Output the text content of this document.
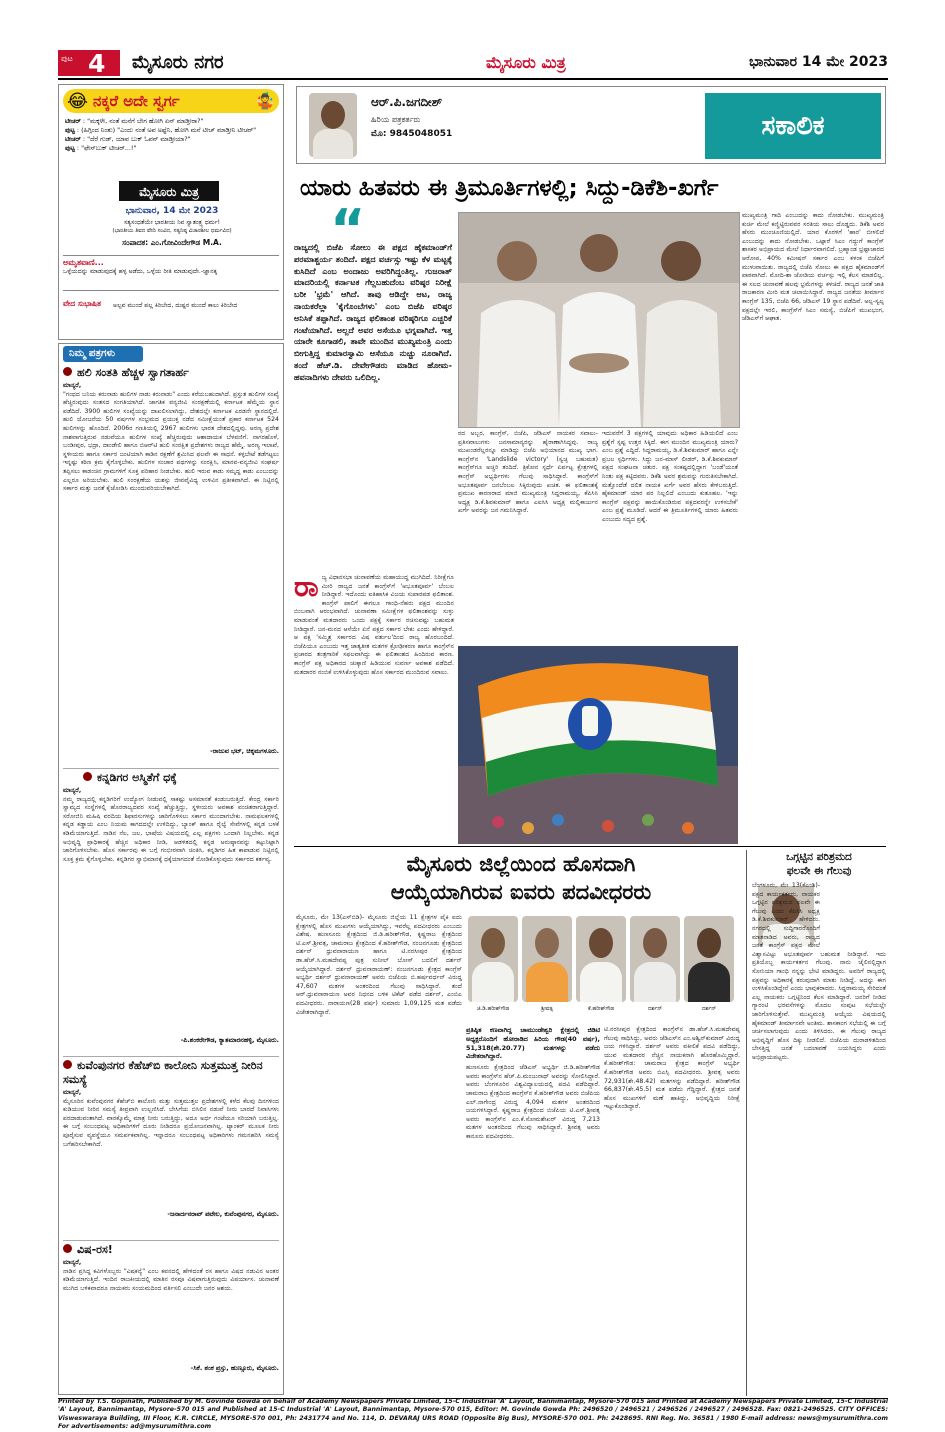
ಪುಟ 4 ಮೈಸೂರು ನಗರ	ಮೈಸೂರು ಮಿತ್ರ	ಭಾನುವಾರ 14 ಮೇ 2023
😂 ನಕ್ಕರೆ ಅದೇ ಸ್ವರ್ಗ	🤹
ಟೀಚರ್ : "ಮಕ್ಕಳೇ, ನಂತೆ ಮನೆಗೆ ಬೇಗ ಹೋಗಿ ಏನ್ ಮಾಡ್ತೀರಾ?"
ಪುಟ್ಟ : (ಹಿಗ್ಗಿಂದ ನಿಂತು) "ಎಂದು ನಂತೆ ಅಪ ಅಷ್ಟೆನಿ, ಹೋಗಿ ಮನೆ ಟೀಚ್ ಮಾಡ್ತೀನಿ ಟೀಚರ್"
ಟೀಚರ್ : "ದೆರೆ ಗುಡ್, ಯಾವ ಬುಕ್ ಓಪನ್ ಮಾಡ್ತೀಯಾ?"
ಪುಟ್ಟ : "ಫೇಸ್‌ಬುಕ್ ಟೀಚರ್...!"
ಮೈಸೂರು ಮಿತ್ರ
ಭಾನುವಾರ, 14 ಮೇ 2023
ಸತ್ಯಸಂಧತೆಯೇ ಭಾರತೀಯ ನಿವ ಸ್ವಾತಂತ್ರ್ಯ ಧರ್ಮ!
(ಭಾರತೀಯ ತಿವದ ವೇದಿ ಸಂವಿದ, ಸತ್ಯನಿಷ್ಠ ವಿಚಾರಶೀಲ ಧರ್ಮವಿದ)
ಸಂಪಾದಕ: ಎಂ.ಗೋವಿಂದೇಗೌಡ M.A.
ಅಮೃತವಾಣಿ...
ಒಳ್ಳೆಯದನ್ನು ಮಾಡುವುದಕ್ಕೆ ಹಳ್ಳ ಅಡೆದು, ಒಳ್ಳೆಯ ರೀತಿ ಮಾಡುವುದೇ.-ಜ್ಞಾನಕ್ಕ
ವೇದ ಸುಭಾಷಿತ	ಅಲ್ಪವ ಮುಂದೆ ಪಲ್ಲ ಕಿರಿಬೇದ, ದುಷ್ಟರ ಮುಂದೆ ಕಾಲು ಕಿರಿಬೇದ
ನಿಮ್ಮ ಪತ್ರಗಳು
ಹಲಿ ಸಂತತಿ ಹೆಚ್ಚಳ ಸ್ವಾಗತಾರ್ಹ
ಮಾನ್ಯರೆ,
"ಗಂಧದ ಬನಿಯ ಕರುನಾಡು ಹುಲಿಗಳ ನಾಡು ಕರುನಾಡು" ಎಂದು ಕರೆಯಬಹುದಾಗಿದೆ. ಪ್ರಸ್ತುತ ಹುಲಿಗಳ ಸಂಖ್ಯೆ ಹೆಚ್ಚಿರುವುದು ಸಂತಸದ ಸಂಗತಿಯಾಗಿದೆ. ಜಾಗತಿಕ ವನ್ಯಜೀವಿ ಸಂರಕ್ಷಣೆಯಲ್ಲಿ ಕರ್ನಾಟಕ ಹೆಮ್ಮೆಯ ಸ್ಥಾನ ಪಡೆದಿದೆ. 3900 ಹುಲಿಗಳ ಸಂಖ್ಯೆಯನ್ನು ದಾಖಲಿಸಲಾಗಿದ್ದು, ದೇಶದಲ್ಲೇ ಕರ್ನಾಟಕ ಎರಡನೇ ಸ್ಥಾನದಲ್ಲಿದೆ. ಹುಲಿ ಯೋಜನೆಯ 50 ವರ್ಷಗಳ ಸಂಭ್ರಮದ ಪ್ರಯುಕ್ತ ನಡೆದ ಸಮೀಕ್ಷೆಯಂತೆ ಪ್ರಕಾರ ಕರ್ನಾಟಕ 524 ಹುಲಿಗಳನ್ನು ಹೊಂದಿದೆ. 2006ರ ಗಣತಿಯಲ್ಲಿ 2967 ಹುಲಿಗಳು ಭಾರತ ದೇಶದಲ್ಲಿದ್ದವು. ಅರಣ್ಯ ಪ್ರದೇಶ ನಾಶವಾಗುತ್ತಿರುವ ನಡುವೆಯೂ ಹುಲಿಗಳ ಸಂಖ್ಯೆ ಹೆಚ್ಚಿರುವುದು ಆಶಾದಾಯಕ ಬೆಳವಣಿಗೆ. ನಾಗರಹೊಳೆ, ಬಂಡೀಪುರ, ಭದ್ರಾ, ದಾಂಡೇಲಿ ಹಾಗೂ ಬಿಆರ್‌ಟಿ ಹುಲಿ ಸಂರಕ್ಷಿತ ಪ್ರದೇಶಗಳು ರಾಜ್ಯದ ಹೆಮ್ಮೆ. ಅರಣ್ಯ ಇಲಾಖೆ, ಸ್ಥಳೀಯರು ಹಾಗೂ ಸರ್ಕಾರ ಜಂಟಿಯಾಗಿ ಕಾಡಿನ ರಕ್ಷಣೆಗೆ ಶ್ರಮಿಸಿದ ಫಲವೇ ಈ ಸಾಧನೆ. ಕಳ್ಳಬೇಟೆ ತಡೆಗಟ್ಟಲು ಇನ್ನಷ್ಟು ಕಠಿಣ ಕ್ರಮ ಕೈಗೊಳ್ಳಬೇಕು. ಹುಲಿಗಳ ಸಂಚಾರ ಪಥಗಳನ್ನು ಸಂರಕ್ಷಿಸಿ, ಮಾನವ-ವನ್ಯಜೀವಿ ಸಂಘರ್ಷ ತಪ್ಪಿಸಲು ಕಾಡಂಚಿನ ಗ್ರಾಮಗಳಿಗೆ ಸೂಕ್ತ ಪರಿಹಾರ ನೀಡಬೇಕು. ಹುಲಿ ಇರುವ ಕಾಡು ಸಮೃದ್ಧ ಕಾಡು ಎಂಬುದನ್ನು ಎಲ್ಲರೂ ಅರಿಯಬೇಕು. ಹುಲಿ ಸಂರಕ್ಷಣೆಯ ಯಶಸ್ಸು ಜೀವವೈವಿಧ್ಯ ಉಳಿವಿನ ಪ್ರತೀಕವಾಗಿದೆ. ಈ ನಿಟ್ಟಿನಲ್ಲಿ ಸರ್ಕಾರ ಮತ್ತು ಜನತೆ ಕೈಜೋಡಿಸಿ ಮುಂದುವರಿಯಬೇಕಾಗಿದೆ.
-ರಾಜುವ ಭಟ್, ಚಿಕ್ಕಮಗಳೂರು.
ಕನ್ನಡಿಗರ ಅಸ್ಮಿತೆಗೆ ಧಕ್ಕೆ
ಮಾನ್ಯರೆ,
ನಮ್ಮ ರಾಜ್ಯದಲ್ಲಿ ಕನ್ನಡಿಗರಿಗೆ ಉದ್ಯೋಗ ನೀಡುವಲ್ಲಿ ಸಾಕಷ್ಟು ಅಸಮಾನತೆ ಕಂಡುಬರುತ್ತಿದೆ. ಕೇಂದ್ರ ಸರ್ಕಾರಿ ಸ್ವಾಮ್ಯದ ಸಂಸ್ಥೆಗಳಲ್ಲಿ ಹೊರರಾಜ್ಯದವರ ಸಂಖ್ಯೆ ಹೆಚ್ಚುತ್ತಿದ್ದು, ಸ್ಥಳೀಯರು ಅವಕಾಶ ವಂಚಿತರಾಗುತ್ತಿದ್ದಾರೆ. ಸರೋಜಿನಿ ಮಹಿಷಿ ವರದಿಯ ಶಿಫಾರಸುಗಳನ್ನು ಜಾರಿಗೊಳಿಸಲು ಸರ್ಕಾರ ಮುಂದಾಗಬೇಕು. ನಾಮಫಲಕಗಳಲ್ಲಿ ಕನ್ನಡ ಕಡ್ಡಾಯ ಎಂಬ ನಿಯಮ ಕಾಗದದಲ್ಲೇ ಉಳಿದಿದ್ದು, ಬ್ಯಾಂಕ್ ಹಾಗೂ ರೈಲ್ವೆ ಸೇವೆಗಳಲ್ಲಿ ಕನ್ನಡ ಬಳಕೆ ಕಡಿಮೆಯಾಗುತ್ತಿದೆ. ನಾಡಿನ ನೆಲ, ಜಲ, ಭಾಷೆಯ ವಿಷಯದಲ್ಲಿ ಎಲ್ಲ ಪಕ್ಷಗಳು ಒಂದಾಗಿ ನಿಲ್ಲಬೇಕು. ಕನ್ನಡ ಅಭಿವೃದ್ಧಿ ಪ್ರಾಧಿಕಾರಕ್ಕೆ ಹೆಚ್ಚಿನ ಅಧಿಕಾರ ನೀಡಿ, ಆಡಳಿತದಲ್ಲಿ ಕನ್ನಡ ಅನುಷ್ಠಾನವನ್ನು ಕಟ್ಟುನಿಟ್ಟಾಗಿ ಜಾರಿಗೊಳಿಸಬೇಕು. ಹೊಸ ಸರ್ಕಾರವು ಈ ಬಗ್ಗೆ ಗಂಭೀರವಾಗಿ ಚಿಂತಿಸಿ, ಕನ್ನಡಿಗರ ಹಿತ ಕಾಪಾಡುವ ನಿಟ್ಟಿನಲ್ಲಿ ಸೂಕ್ತ ಕ್ರಮ ಕೈಗೊಳ್ಳಬೇಕು. ಕನ್ನಡಿಗರ ಸ್ವಾಭಿಮಾನಕ್ಕೆ ಧಕ್ಕೆಯಾಗದಂತೆ ನೋಡಿಕೊಳ್ಳುವುದು ಸರ್ಕಾರದ ಕರ್ತವ್ಯ.
-ಪಿ.ಶಂಕರೇಗೌಡ, ಕ್ಯಾತಮಾರನಹಳ್ಳಿ, ಮೈಸೂರು.
ಕುವೆಂಪುನಗರ ಕೆಹೆಚ್‌ಬಿ ಕಾಲೋನಿ ಸುತ್ತಮುತ್ತ ನೀರಿನ ಸಮಸ್ಯೆ
ಮಾನ್ಯರೆ,
ಮೈಸೂರಿನ ಕುವೆಂಪುನಗರ ಕೆಹೆಚ್‌ಬಿ ಕಾಲೋನಿ ಮತ್ತು ಸುತ್ತಮುತ್ತಲ ಪ್ರದೇಶಗಳಲ್ಲಿ ಕಳೆದ ಕೆಲವು ದಿನಗಳಿಂದ ಕುಡಿಯುವ ನೀರಿನ ಸಮಸ್ಯೆ ತೀವ್ರವಾಗಿ ಉಲ್ಬಣಿಸಿದೆ. ಬೇಸಿಗೆಯ ಬಿಸಿಲಿನ ನಡುವೆ ನೀರು ಬಾರದೆ ನಿವಾಸಿಗಳು ಪರದಾಡುವಂತಾಗಿದೆ. ವಾರಕ್ಕೊಮ್ಮೆ ಮಾತ್ರ ನೀರು ಬರುತ್ತಿದ್ದು, ಅದೂ ಅರ್ಧ ಗಂಟೆಯೂ ಸರಿಯಾಗಿ ಬರುತ್ತಿಲ್ಲ. ಈ ಬಗ್ಗೆ ಸಂಬಂಧಪಟ್ಟ ಅಧಿಕಾರಿಗಳಿಗೆ ದೂರು ನೀಡಿದರೂ ಪ್ರಯೋಜನವಾಗಿಲ್ಲ. ಟ್ಯಾಂಕರ್ ಮೂಲಕ ನೀರು ಪೂರೈಸುವ ವ್ಯವಸ್ಥೆಯೂ ಸಮರ್ಪಕವಾಗಿಲ್ಲ. ಇನ್ನಾದರೂ ಸಂಬಂಧಪಟ್ಟ ಅಧಿಕಾರಿಗಳು ಗಮನಹರಿಸಿ ಸಮಸ್ಯೆ ಬಗೆಹರಿಸಬೇಕಾಗಿದೆ.
-ಜನಾರ್ದನರಾವ್ ಪಟೇಲ, ಕುವೆಂಪುನಗರ, ಮೈಸೂರು.
ವಿಷ-ರಸ!
ಮಾನ್ಯರೆ,
ನಾಡಿನ ಪ್ರಸಿದ್ಧ ಕವಿಗಳೊಬ್ಬರು "ವಿಷಕನ್ಯೆ" ಎಂಬ ಕವನದಲ್ಲಿ ಹೇಳಿದಂತೆ ರಸ ಹಾಗೂ ವಿಷದ ನಡುವಿನ ಅಂತರ ಕಡಿಮೆಯಾಗುತ್ತಿದೆ. ಇಂದಿನ ರಾಜಕೀಯದಲ್ಲಿ ಮಾತಿನ ರಸವೂ ವಿಷವಾಗುತ್ತಿರುವುದು ವಿಪರ್ಯಾಸ. ಚುನಾವಣೆ ಮುಗಿದ ಬಳಿಕವಾದರೂ ನಾಯಕರು ಸಂಯಮದಿಂದ ವರ್ತಿಸಲಿ ಎಂಬುದೇ ಜನರ ಆಶಯ.
-ಸಿಕೆ. ಶಂಕ ಪ್ರಸ್ತು, ಹುಣ್ಸೂರು, ಮೈಸೂರು.
ಆರ್.ಪಿ.ಜಗದೀಶ್
ಹಿರಿಯ ಪತ್ರಕರ್ತರು
ಮೊ: 9845048051	ಸಕಾಲಿಕ
ಯಾರು ಹಿತವರು ಈ ತ್ರಿಮೂರ್ತಿಗಳಲ್ಲಿ; ಸಿದ್ದು-ಡಿಕೆಶಿ-ಖರ್ಗೆ
“
ರಾಜ್ಯದಲ್ಲಿ ಬಿಜೆಪಿ ಸೋಲು ಈ ಪಕ್ಷದ ಹೈಕಮಾಂಡ್‌ಗೆ ಪರಮಾಶ್ಚರ್ಯ ತಂದಿದೆ. ಪಕ್ಷದ ವರ್ಚಸ್ಸು ಇಷ್ಟು ಕೆಳ ಮಟ್ಟಕ್ಕೆ ಕುಸಿದಿದೆ ಎಂಬ ಅಂದಾಜು ಅವರಿಗಿದ್ದಂತಿಲ್ಲ. ಗುಜರಾತ್ ಮಾದರಿಯಲ್ಲಿ ಕರ್ನಾಟಕ ಗೆಲ್ಲಬಹುದೆಂಬ ವರಿಷ್ಠರ ನಿರೀಕ್ಷೆ ಬರೀ 'ಭ್ರಮೆ' ಆಗಿದೆ. ತಾವು ಆಡಿದ್ದೇ ಆಟ, ರಾಜ್ಯ ನಾಯಕರೆಲ್ಲಾ 'ಕೈಗೊಂಬೆಗಳು' ಎಂಬ ಬಿಜೆಪಿ ವರಿಷ್ಠರ ಅನಿಸಿಕೆ ತಪ್ಪಾಗಿದೆ. ರಾಜ್ಯದ ಫಲಿತಾಂಶ ವರಿಷ್ಠರಿಗೂ ಎಚ್ಚರಿಕೆ ಗಂಟೆಯಾಗಿದೆ. ಅಲ್ಲದೆ ಅವರ ಅಸೆಯೂ ಭಗ್ನವಾಗಿದೆ. ಇತ್ತ ಯಾರೇ ಕೂಗಾಡಲಿ, ತಾವೇ ಮುಂದಿನ ಮುಖ್ಯಮಂತ್ರಿ ಎಂದು ಬೀಗುತ್ತಿದ್ದ ಕುಮಾರಸ್ವಾಮಿ ಆಸೆಯೂ ನುಚ್ಚು ನೂರಾಗಿದೆ. ತಂದೆ ಹೆಚ್.ಡಿ. ದೇವೇಗೌಡರು ಮಾಡಿದ ಹೋಮ-ಹವನಾದಿಗಳು ದೇವರು ಒಲಿದಿಲ್ಲ.
ರದ ಅಬ್ಬರ, ಕಾಂಗ್ರೆಸ್, ಬಿಜೆಪಿ, ಜೆಡಿಎಸ್ ನಾಯಕರ ಸವಾಲು-ಪ್ರತಿಸವಾಲುಗಳು ಜನಸಾಮಾನ್ಯರನ್ನು ಹೈರಾಣಾಗಿಸಿದ್ದವು. ರಾಜ್ಯ ಮುಖಂಡರೆಲ್ಲರನ್ನೂ ಮಾಡಿದ್ದು ಬಿಜೆಪಿ ಅಭಿಯಾನದ ಮುಖ್ಯ ಭಾಗ. ಕಾಂಗ್ರೆಸ್‌ನ 'Landslide victory' (ಸ್ವಚ್ಛ ಬಹುಮತ) ಕಾಂಗ್ರೆಸ್‌ಗೂ ಅಚ್ಚರಿ ತಂದಿದೆ. ತ್ರಿಕೋನ ಸ್ಪರ್ಧೆ ಏರ್ಪಟ್ಟ ಕ್ಷೇತ್ರಗಳಲ್ಲಿ ಕಾಂಗ್ರೆಸ್ ಅಭ್ಯರ್ಥಿಗಳು ಗೆಲುವು ಸಾಧಿಸಿದ್ದಾರೆ. ಕಾಂಗ್ರೆಸ್‌ಗೆ ಅಭೂತಪೂರ್ವ ಜನಬೆಂಬಲ ಸಿಕ್ಕಿರುವುದು ಖಚಿತ. ಈ ಫಲಿತಾಂಶಕ್ಕೆ ಪ್ರಮುಖ ಕಾರಣರಾದ ಮಾಜಿ ಮುಖ್ಯಮಂತ್ರಿ ಸಿದ್ದರಾಮಯ್ಯ, ಕೆಪಿಸಿಸಿ ಅಧ್ಯಕ್ಷ ಡಿ.ಕೆ.ಶಿವಕುಮಾರ್ ಹಾಗೂ ಎಐಸಿಸಿ ಅಧ್ಯಕ್ಷ ಮಲ್ಲಿಕಾರ್ಜುನ ಖರ್ಗೆ ಅವರನ್ನು ಜನ ಗಮನಿಸಿದ್ದಾರೆ.
ಇದುವರೆಗೆ 3 ಪಕ್ಷಗಳಲ್ಲಿ ಯಾವುದು ಅಧಿಕಾರ ಹಿಡಿಯಲಿದೆ ಎಂಬ ಪ್ರಶ್ನೆಗೆ ಸ್ಪಷ್ಟ ಉತ್ತರ ಸಿಕ್ಕಿದೆ. ಈಗ ಮುಂದಿನ ಮುಖ್ಯಮಂತ್ರಿ ಯಾರು? ಎಂಬ ಪ್ರಶ್ನೆ ಎದ್ದಿದೆ. ಸಿದ್ದರಾಮಯ್ಯ, ಡಿ.ಕೆ.ಶಿವಕುಮಾರ್ ಹಾಗೂ ಎನ್ನೇ ಪ್ರಬಲ ಸ್ಪರ್ಧಿಗಳು. ಸಿದ್ದು ಜನ-ಮಾಸ್ ಲೀಡರ್, ಡಿ.ಕೆ.ಶಿವಕುಮಾರ್ ಪಕ್ಷದ ಸಂಘಟನಾ ಚತುರ. ಪಕ್ಷ ಸಂಕಷ್ಟದಲ್ಲಿದ್ದಾಗ 'ಬಂಡೆ'ಯಂತೆ ನಿಂತು ಪಕ್ಷ ಕಟ್ಟಿದವರು. ಡಿಕೆಶಿ ಅವರ ಶ್ರಮವನ್ನು ಗುರುತಿಸಬೇಕಾಗಿದೆ. ಮತ್ತೊಂದೆಡೆ ದಲಿತ ನಾಯಕ ಖರ್ಗೆ ಅವರ ಹೆಸರು ಕೇಳಿಬರುತ್ತಿದೆ. ಹೈಕಮಾಂಡ್ ಯಾರ ಪರ ನಿಲ್ಲಲಿದೆ ಎಂಬುದು ಕುತೂಹಲ. 'ಇನ್ನು ಕಾಂಗ್ರೆಸ್ ಪಕ್ಷವನ್ನು ಹಾಯಿಕೊಂಡಿರುವ ಪಕ್ಷದವರನ್ನೇ ಉಳಿಸಬೇಕೆ' ಎಂಬ ಪ್ರಶ್ನೆ ಮೂಡಿದೆ. ಆದರೆ ಈ ತ್ರಿಮೂರ್ತಿಗಳಲ್ಲಿ ಯಾರು ಹಿತವರು ಎಂಬುದು ಸದ್ಯದ ಪ್ರಶ್ನೆ.
ಮುಖ್ಯಮಂತ್ರಿ ಗಾದಿ ಎಂಬುದನ್ನು ಕಾದು ನೋಡಬೇಕು. ಮುಖ್ಯಮಂತ್ರಿ ಕುರ್ಚಿ ಮೇಲೆ ಕಣ್ಣಿಟ್ಟಿರುವವರ ಸರತಿಯ ಸಾಲು ದೊಡ್ಡದು. ಡಿಕೆಶಿ ಅವರ ಹೆಸರು ಮುಂಚೂಣಿಯಲ್ಲಿದೆ. ಯಾರ ಕೊರಳಿಗೆ 'ಹಾರ' ಬೀಳಲಿದೆ ಎಂಬುದನ್ನು ಕಾದು ನೋಡಬೇಕು. ಒಟ್ಟಾರೆ ಸಿಎಂ ಗದ್ದುಗೆ ಕಾಂಗ್ರೆಸ್ ಶಾಸಕರ ಅಭಿಪ್ರಾಯದ ಮೇಲೆ ನಿರ್ಧಾರವಾಗಲಿದೆ. ಬ್ರಹ್ಮಾಂಡ ಭ್ರಷ್ಟಾಚಾರದ ಆರೋಪ, 40% ಕಮೀಷನ್ ಸರ್ಕಾರ ಎಂಬ ಕಳಂಕ ಬಿಜೆಪಿಗೆ ಮುಳುವಾಯಿತು. ರಾಜ್ಯದಲ್ಲಿ ಬಿಜೆಪಿ ಸೋಲು ಈ ಪಕ್ಷದ ಹೈಕಮಾಂಡ್‌ಗೆ ಪಾಠವಾಗಿದೆ. ಮೋದಿ-ಶಾ ಜೋಡಿಯ ವರ್ಚಸ್ಸು ಇಲ್ಲಿ ಕೆಲಸ ಮಾಡಲಿಲ್ಲ. ಈ ಸಲದ ಚುನಾವಣೆ ಹಲವು ಭ್ರಮೆಗಳನ್ನು ಕಳಚಿದೆ. ರಾಜ್ಯದ ಜನತೆ ಜಾತಿ ರಾಜಕಾರಣ ಮೀರಿ ಮತ ಚಲಾಯಿಸಿದ್ದಾರೆ. ರಾಜ್ಯದ ಜನತೆಯ ತೀರ್ಮಾನ ಕಾಂಗ್ರೆಸ್ 135, ಬಿಜೆಪಿ 66, ಜೆಡಿಎಸ್ 19 ಸ್ಥಾನ ಪಡೆದಿವೆ. ಅಲ್ಪ-ಸ್ವಲ್ಪ ಪಕ್ಷದಲ್ಲೇ ಇರಲಿ, ಕಾಂಗ್ರೆಸ್‌ಗೆ ಸಿಎಂ ಸಮಸ್ಯೆ, ಬಿಜೆಪಿಗೆ ಮುಖಭಂಗ, ಜೆಡಿಎಸ್‌ಗೆ ಆಘಾತ.
ರಾ ಜ್ಯ ವಿಧಾನಸಭಾ ಚುನಾವಣೆಯ ಮಹಾಯುದ್ಧ ಮುಗಿದಿದೆ. ನಿರೀಕ್ಷೆಗೂ ಮೀರಿ ರಾಜ್ಯದ ಜನತೆ ಕಾಂಗ್ರೆಸ್‌ಗೆ 'ಅಭೂತಪೂರ್ವ' ಬೆಂಬಲ ನೀಡಿದ್ದಾರೆ. ಇದೊಂದು ಐತಿಹಾಸಿಕ ವಿಜಯ ಸುಪಾರಪಡ ಫಲಿತಾಂಶ. ಕಾಂಗ್ರೆಸ್ ಪಾಲಿಗೆ ಈಗಲೂ ಗಾಂಧಿ-ನೆಹರು ಪಕ್ಷದ ಮುಂದಿನ ಬಿಂಬವಾಗಿ ಆರಂಭವಾಗಿದೆ. ಚುನಾವಣಾ ಸಮೀಕ್ಷೆಗಳ ಫಲಿತಾಂಶವನ್ನು ಸುಳ್ಳು ಮಾಡುವಂತೆ ಮತದಾರರು ಒಂದು ಪಕ್ಷಕ್ಕೆ ಸರ್ಕಾರ ರಚಿಸುವಷ್ಟು ಬಹುಮತ ನೀಡಿದ್ದಾರೆ. ಜನ-ಮನದ ಆಸೆಯೇ ಏನೆ ಪಕ್ಷದ ಸರ್ಕಾರ ಬೇಕು ಎಂದು ಹೇಳಿದ್ದಾರೆ. ಆ ಪಕ್ಷ 'ಸಮ್ಮಿಶ್ರ ಸರ್ಕಾರದ ವಿಷ ವರ್ತುಲ'ದಿಂದ ರಾಜ್ಯ ಹೊರಬಂದಿದೆ. ಬಿಜೆಪಿಯೂ ಎಂಬುದು ಇತ್ತ ಜಾತ್ಯತೀತ ಮತಗಳ ಕ್ರೋಢೀಕರಣ ಹಾಗೂ ಕಾಂಗ್ರೆಸ್‌ನ ಪ್ರಚಾರದ ತಂತ್ರಗಾರಿಕೆ ಸಫಲವಾಗಿದ್ದು ಈ ಫಲಿತಾಂಶದ ಹಿಂದಿರುವ ಕಾರಣ. ಕಾಂಗ್ರೆಸ್ ಪಕ್ಷ ಅಧಿಕಾರದ ಚುಕ್ಕಾಣಿ ಹಿಡಿಯುವ ಸುವರ್ಣ ಅವಕಾಶ ಪಡೆದಿದೆ. ಮತದಾರರ ನಂಬಿಕೆ ಉಳಿಸಿಕೊಳ್ಳುವುದು ಹೊಸ ಸರ್ಕಾರದ ಮುಂದಿರುವ ಸವಾಲು.
ಮೈಸೂರು ಜಿಲ್ಲೆಯಿಂದ ಹೊಸದಾಗಿ
ಆಯ್ಕೆಯಾಗಿರುವ ಐವರು ಪದವೀಧರರು
ಮೈಸೂರು, ಮೇ 13(ಎಸ್‌ಬಿಡಿ)- ಮೈಸೂರು ಜಿಲ್ಲೆಯ 11 ಕ್ಷೇತ್ರಗಳ ಪೈಕಿ ಐದು ಕ್ಷೇತ್ರಗಳಲ್ಲಿ ಹೊಸ ಮುಖಗಳು ಆಯ್ಕೆಯಾಗಿದ್ದು, ಇವರೆಲ್ಲ ಪದವೀಧರರು ಎಂಬುದು ವಿಶೇಷ. ಹುಣಸೂರು ಕ್ಷೇತ್ರದಿಂದ ಜಿ.ಡಿ.ಹರೀಶ್‌ಗೌಡ, ಕೃಷ್ಣರಾಜ ಕ್ಷೇತ್ರದಿಂದ ಟಿ.ಎಸ್.ಶ್ರೀವತ್ಸ, ಚಾಮರಾಜ ಕ್ಷೇತ್ರದಿಂದ ಕೆ.ಹರೀಶ್‌ಗೌಡ, ನಂಜನಗೂಡು ಕ್ಷೇತ್ರದಿಂದ ದರ್ಶನ್ ಧ್ರುವನಾರಾಯಣ ಹಾಗೂ ಟಿ.ನರಸೀಪುರ ಕ್ಷೇತ್ರದಿಂದ ಡಾ.ಹೆಚ್.ಸಿ.ಮಹದೇವಪ್ಪ ಪುತ್ರ ಸುನೀಲ್ ಬೋಸ್ ಬದಲಿಗೆ ದರ್ಶನ್ ಆಯ್ಕೆಯಾಗಿದ್ದಾರೆ. ದರ್ಶನ್ ಧ್ರುವನಾರಾಯಣ್: ನಂಜನಗೂಡು ಕ್ಷೇತ್ರದ ಕಾಂಗ್ರೆಸ್ ಅಭ್ಯರ್ಥಿ ದರ್ಶನ್ ಧ್ರುವನಾರಾಯಣ್ ಅವರು ಬಿಜೆಪಿಯ ಬಿ.ಹರ್ಷವರ್ಧನ್ ವಿರುದ್ಧ 47,607 ಮತಗಳ ಅಂತರದಿಂದ ಗೆಲುವು ಸಾಧಿಸಿದ್ದಾರೆ. ತಂದೆ ಆರ್.ಧ್ರುವನಾರಾಯಣ ಅವರ ನಿಧನದ ಬಳಿಕ ಟಿಕೆಟ್ ಪಡೆದ ದರ್ಶನ್, ಎಂಬಿಎ ಪದವೀಧರರು. ನಾರಾಯಣ(28 ವರ್ಷ) ಸುಮಾರು 1,09,125 ಮತ ಪಡೆದು ವಿಜೇತರಾಗಿದ್ದಾರೆ.	ಜಿ.ಡಿ.ಹರೀಶ್‌ಗೌಡ	ಶ್ರೀವತ್ಸ	ಕೆ.ಹರೀಶ್‌ಗೌಡ	ದರ್ಶನ್	ದರ್ಶನ್
ಪ್ರತಿಷ್ಠಿತ ಕಣವಾಗಿದ್ದ ಚಾಮುಂಡೇಶ್ವರಿ ಕ್ಷೇತ್ರದಲ್ಲಿ ಜಿಡಿಟಿ ಅಧ್ಯಕ್ಷರೊಂದಿಗೆ ಹೋರಾಡಿದ ಹಿರಿಯ ಗೌಡ(40 ವರ್ಷ), 51,318(ಶೇ.20.77) ಮತಗಳನ್ನು ಪಡೆದು ವಿಜೇತರಾಗಿದ್ದಾರೆ.
ಹುಣಸೂರು ಕ್ಷೇತ್ರದಿಂದ ಜೆಡಿಎಸ್ ಅಭ್ಯರ್ಥಿ ಜಿ.ಡಿ.ಹರೀಶ್‌ಗೌಡ ಅವರು ಕಾಂಗ್ರೆಸ್‌ನ ಹೆಚ್.ಪಿ.ಮಂಜುನಾಥ್ ಅವರನ್ನು ಸೋಲಿಸಿದ್ದಾರೆ. ಅವರು ಬೆಂಗಳೂರಿನ ವಿಶ್ವವಿದ್ಯಾಲಯದಲ್ಲಿ ಪದವಿ ಪಡೆದಿದ್ದಾರೆ. ಚಾಮರಾಜ ಕ್ಷೇತ್ರದಿಂದ ಕಾಂಗ್ರೆಸ್‌ನ ಕೆ.ಹರೀಶ್‌ಗೌಡ ಅವರು ಬಿಜೆಪಿಯ ಎಲ್.ನಾಗೇಂದ್ರ ವಿರುದ್ಧ 4,094 ಮತಗಳ ಅಂತರದಿಂದ ಜಯಗಳಿಸಿದ್ದಾರೆ. ಕೃಷ್ಣರಾಜ ಕ್ಷೇತ್ರದಿಂದ ಬಿಜೆಪಿಯ ಟಿ.ಎಸ್.ಶ್ರೀವತ್ಸ ಅವರು ಕಾಂಗ್ರೆಸ್‌ನ ಎಂ.ಕೆ.ಸೋಮಶೇಖರ್ ವಿರುದ್ಧ 7,213 ಮತಗಳ ಅಂತರದಿಂದ ಗೆಲುವು ಸಾಧಿಸಿದ್ದಾರೆ. ಶ್ರೀವತ್ಸ ಅವರು ಕಾನೂನು ಪದವೀಧರರು.
ಟಿ.ನರಸೀಪುರ ಕ್ಷೇತ್ರದಿಂದ ಕಾಂಗ್ರೆಸ್‌ನ ಡಾ.ಹೆಚ್.ಸಿ.ಮಹದೇವಪ್ಪ ಗೆಲುವು ಸಾಧಿಸಿದ್ದು, ಅವರು ಜೆಡಿಎಸ್‌ನ ಎಂ.ಅಶ್ವಿನ್‌ಕುಮಾರ್ ವಿರುದ್ಧ ಜಯ ಗಳಿಸಿದ್ದಾರೆ. ದರ್ಶನ್ ಅವರು ವಕೀಲಿಕೆ ಪದವಿ ಪಡೆದಿದ್ದು, ಯುವ ಮತದಾರರ ನೆಚ್ಚಿನ ನಾಯಕನಾಗಿ ಹೊರಹೊಮ್ಮಿದ್ದಾರೆ. ಕೆ.ಹರೀಶ್‌ಗೌಡ: ಚಾಮರಾಜ ಕ್ಷೇತ್ರದ ಕಾಂಗ್ರೆಸ್ ಅಭ್ಯರ್ಥಿ ಕೆ.ಹರೀಶ್‌ಗೌಡ ಅವರು ಬಿಎಸ್ಸಿ ಪದವೀಧರರು. ಶ್ರೀವತ್ಸ ಅವರು 72,931(ಶೇ.48.42) ಮತಗಳನ್ನು ಪಡೆದಿದ್ದಾರೆ. ಹರೀಶ್‌ಗೌಡ 66,837(ಶೇ.45.5) ಮತ ಪಡೆದು ಗೆದ್ದಿದ್ದಾರೆ. ಕ್ಷೇತ್ರದ ಜನತೆ ಹೊಸ ಮುಖಗಳಿಗೆ ಮಣೆ ಹಾಕಿದ್ದು, ಅಭಿವೃದ್ಧಿಯ ನಿರೀಕ್ಷೆ ಇಟ್ಟುಕೊಂಡಿದ್ದಾರೆ.
ಒಗ್ಗಟ್ಟಿನ ಪರಿಶ್ರಮದ
ಫಲವೇ ಈ ಗೆಲುವು
ಬೆಂಗಳೂರು, ಮೇ 13(ಕೆಎಂಶಿ)- ಪಕ್ಷದ ಕಾರ್ಯಕರ್ತರು, ನಾಯಕರ ಒಗ್ಗಟ್ಟಿನ ಪರಿಶ್ರಮದ ಫಲವೇ ಈ ಗೆಲುವು ಎಂದು ಕೆಪಿಸಿಸಿ ಅಧ್ಯಕ್ಷ ಡಿ.ಕೆ.ಶಿವಕುಮಾರ್ ಹೇಳಿದರು. ನಗರದಲ್ಲಿ ಸುದ್ದಿಗಾರರೊಂದಿಗೆ ಮಾತನಾಡಿದ ಅವರು, ರಾಜ್ಯದ ಜನತೆ ಕಾಂಗ್ರೆಸ್ ಪಕ್ಷದ ಮೇಲೆ ವಿಶ್ವಾಸವಿಟ್ಟು ಅಭೂತಪೂರ್ವ ಬಹುಮತ ನೀಡಿದ್ದಾರೆ. ಇದು ಪ್ರತಿಯೊಬ್ಬ ಕಾರ್ಯಕರ್ತನ ಗೆಲುವು. ನಾನು ಜೈಲಿನಲ್ಲಿದ್ದಾಗ ಸೋನಿಯಾ ಗಾಂಧಿ ನನ್ನನ್ನು ಭೇಟಿ ಮಾಡಿದ್ದರು. ಅವರಿಗೆ ರಾಜ್ಯದಲ್ಲಿ ಪಕ್ಷವನ್ನು ಅಧಿಕಾರಕ್ಕೆ ತರುವುದಾಗಿ ಮಾತು ನೀಡಿದ್ದೆ. ಅದನ್ನು ಈಗ ಉಳಿಸಿಕೊಂಡಿದ್ದೇನೆ ಎಂದು ಭಾವುಕರಾದರು. ಸಿದ್ದರಾಮಯ್ಯ ಸೇರಿದಂತೆ ಎಲ್ಲ ನಾಯಕರು ಒಗ್ಗಟ್ಟಿನಿಂದ ಕೆಲಸ ಮಾಡಿದ್ದಾರೆ. ಜನರಿಗೆ ನೀಡಿದ ಗ್ಯಾರಂಟಿ ಭರವಸೆಗಳನ್ನು ಮೊದಲ ಸಂಪುಟ ಸಭೆಯಲ್ಲೇ ಜಾರಿಗೊಳಿಸುತ್ತೇವೆ. ಮುಖ್ಯಮಂತ್ರಿ ಆಯ್ಕೆಯ ವಿಷಯದಲ್ಲಿ ಹೈಕಮಾಂಡ್ ತೀರ್ಮಾನವೇ ಅಂತಿಮ. ಶಾಸಕಾಂಗ ಸಭೆಯಲ್ಲಿ ಈ ಬಗ್ಗೆ ಚರ್ಚಿಸಲಾಗುವುದು ಎಂದು ತಿಳಿಸಿದರು. ಈ ಗೆಲುವು ರಾಜ್ಯದ ಅಭಿವೃದ್ಧಿಗೆ ಹೊಸ ದಿಕ್ಕು ನೀಡಲಿದೆ. ಬಿಜೆಪಿಯ ದುರಾಡಳಿತದಿಂದ ಬೇಸತ್ತಿದ್ದ ಜನತೆ ಬದಲಾವಣೆ ಬಯಸಿದ್ದರು ಎಂದು ಅಭಿಪ್ರಾಯಪಟ್ಟರು.
Printed by T.S. Gopinath, Published by M. Govinde Gowda on behalf of Academy Newspapers Private Limited, 15-C Industrial 'A' Layout, Bannimantap, Mysore-570 015 and Printed at Academy Newspapers Private Limited, 15-C Industrial 'A' Layout, Bannimantap, Mysore-570 015 and Published at 15-C Industrial 'A' Layout, Bannimantap, Mysore-570 015, Editor: M. Govinde Gowda Ph: 2496520 / 2496521 / 2496526 / 2496527 / 2496528. Fax: 0821-2496525. CITY OFFICES: Visweswaraya Building, III Floor, K.R. CIRCLE, MYSORE-570 001, Ph: 2431774 and No. 114, D. DEVARAJ URS ROAD (Opposite Big Bus), MYSORE-570 001. Ph: 2428695. RNI Reg. No. 36581 / 1980 E-mail address: news@mysurumithra.com For advertisements: ad@mysurumithra.com
